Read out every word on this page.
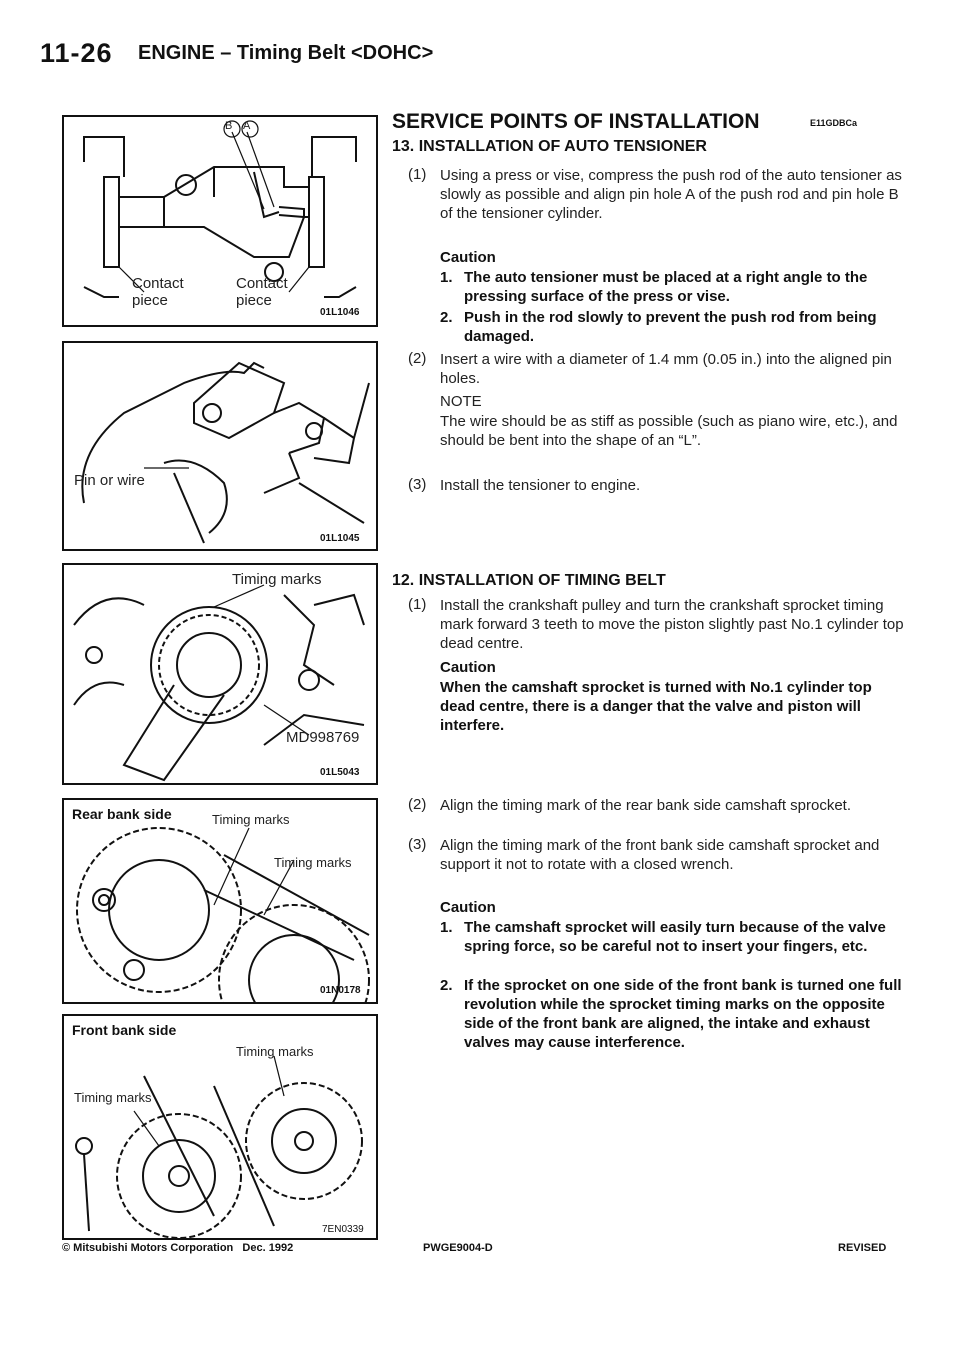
11-26 ENGINE – Timing Belt <DOHC>
B A
Contact piece
Contact piece
01L1046
Pin or wire
01L1045
Timing marks
MD998769
01L5043
Rear bank side	Timing marks
Timing marks
01N0178
Front bank side
Timing marks
Timing marks
7EN0339
SERVICE POINTS OF INSTALLATION	E11GDBCa
13. INSTALLATION OF AUTO TENSIONER
(1) Using a press or vise, compress the push rod of the auto tensioner as slowly as possible and align pin hole A of the push rod and pin hole B of the tensioner cylinder.
Caution
1. The auto tensioner must be placed at a right angle to the pressing surface of the press or vise.
2. Push in the rod slowly to prevent the push rod from being damaged.
(2) Insert a wire with a diameter of 1.4 mm (0.05 in.) into the aligned pin holes.
NOTE
The wire should be as stiff as possible (such as piano wire, etc.), and should be bent into the shape of an “L”.
(3) Install the tensioner to engine.
12. INSTALLATION OF TIMING BELT
(1) Install the crankshaft pulley and turn the crankshaft sprocket timing mark forward 3 teeth to move the piston slightly past No.1 cylinder top dead centre.
Caution
When the camshaft sprocket is turned with No.1 cylinder top dead centre, there is a danger that the valve and piston will interfere.
(2) Align the timing mark of the rear bank side camshaft sprocket.
(3) Align the timing mark of the front bank side camshaft sprocket and support it not to rotate with a closed wrench.
Caution
1. The camshaft sprocket will easily turn because of the valve spring force, so be careful not to insert your fingers, etc.
2. If the sprocket on one side of the front bank is turned one full revolution while the sprocket timing marks on the opposite side of the front bank are aligned, the intake and exhaust valves may cause interference.
© Mitsubishi Motors Corporation   Dec. 1992	PWGE9004-D	REVISED
